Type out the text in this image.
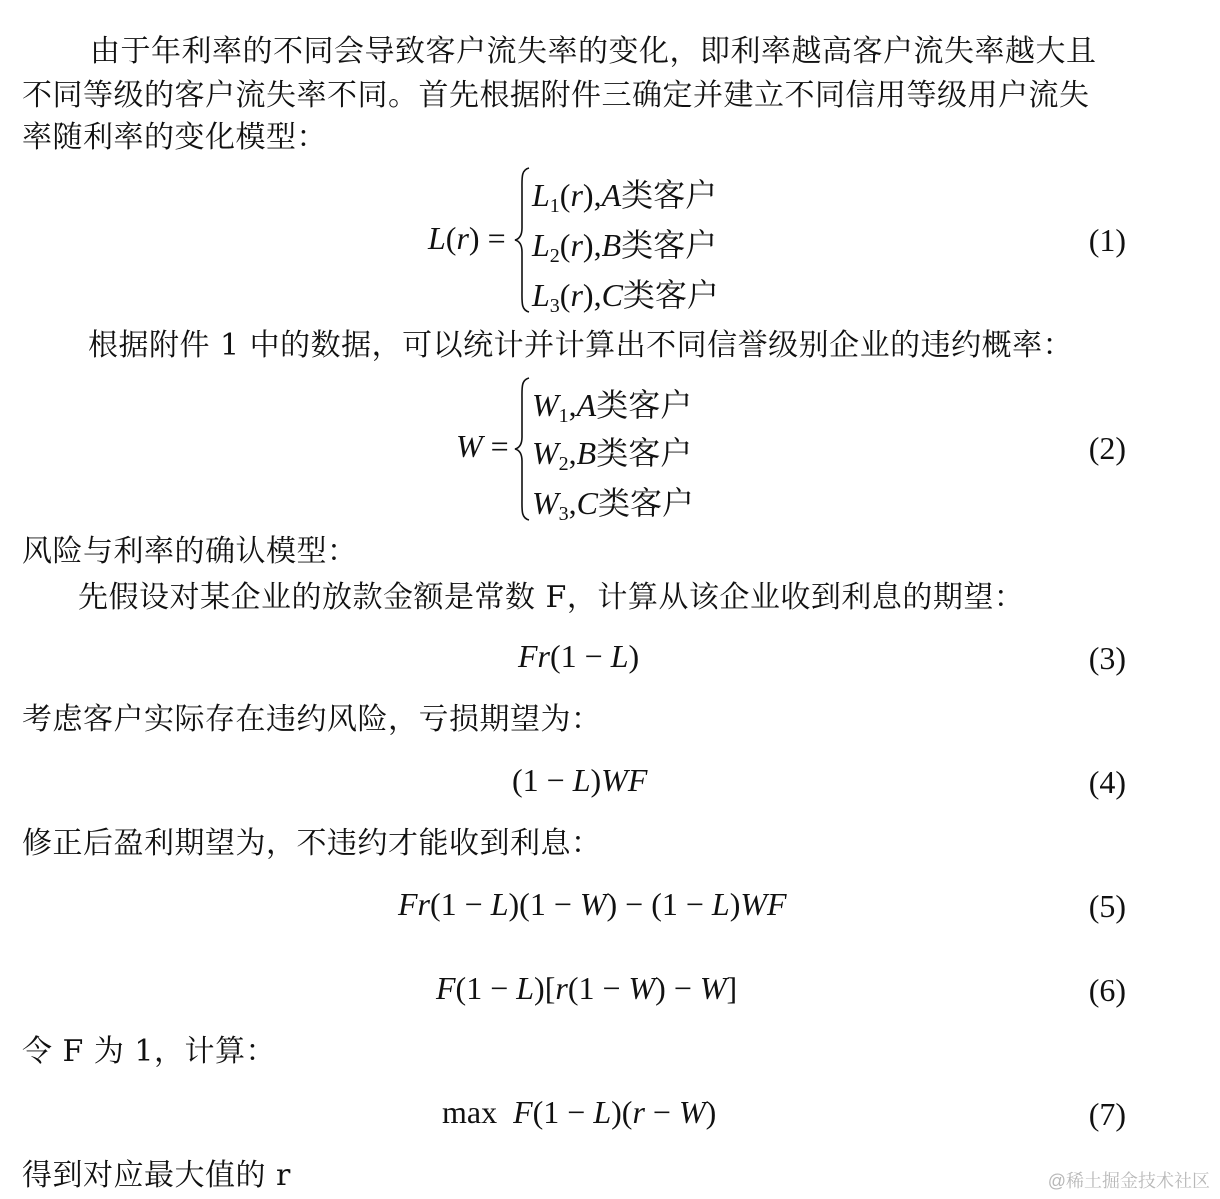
由于年利率的不同会导致客户流失率的变化，即利率越高客户流失率越大且
不同等级的客户流失率不同。首先根据附件三确定并建立不同信用等级用户流失
率随利率的变化模型：
L(r) =
$L_1(r),A$类客户
$L_2(r),B$类客户
$L_3(r),C$类客户
(1)
根据附件 1 中的数据，可以统计并计算出不同信誉级别企业的违约概率：
W =
$W_1,A$类客户
$W_2,B$类客户
$W_3,C$类客户
(2)
风险与利率的确认模型：
先假设对某企业的放款金额是常数 F，计算从该企业收到利息的期望：
Fr(1 − L)	(3)
考虑客户实际存在违约风险，亏损期望为：
(1 − L)WF	(4)
修正后盈利期望为，不违约才能收到利息：
Fr(1 − L)(1 − W) − (1 − L)WF	(5)
F(1 − L)[r(1 − W) − W]	(6)
令 F 为 1，计算：
max  F(1 − L)(r − W)	(7)
得到对应最大值的 r	@稀土掘金技术社区
